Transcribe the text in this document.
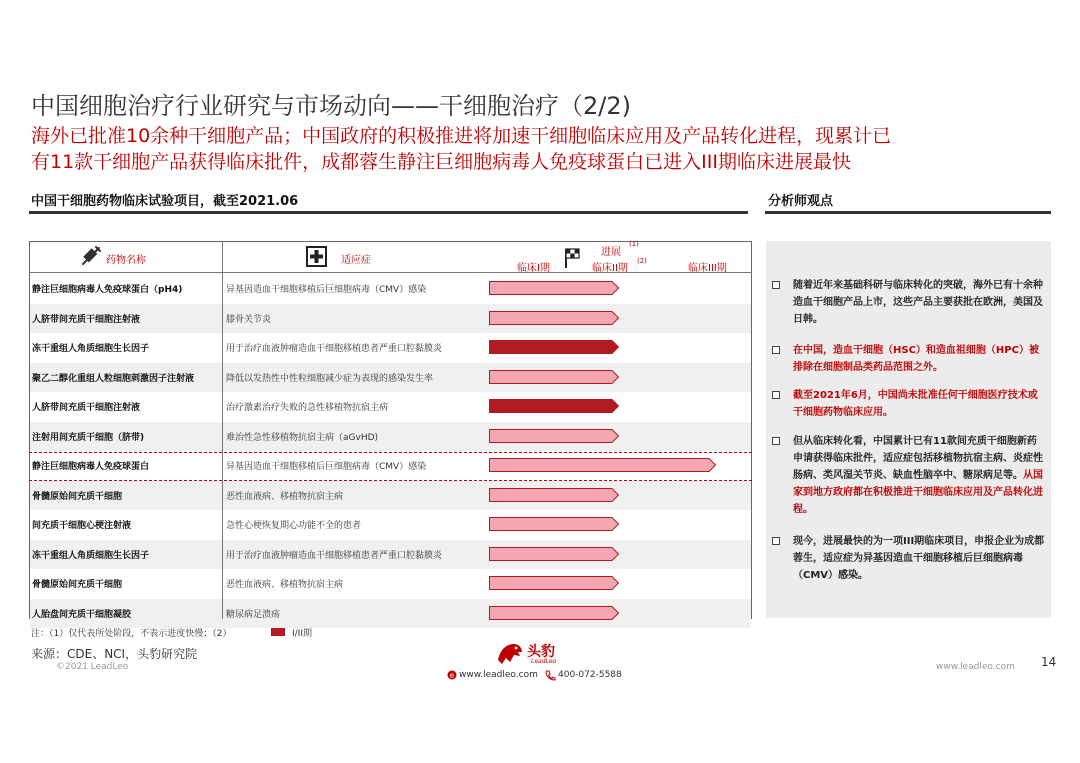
中国细胞治疗行业研究与市场动向——干细胞治疗（2/2)
海外已批准10余种干细胞产品；中国政府的积极推进将加速干细胞临床应用及产品转化进程，现累计已
有11款干细胞产品获得临床批件，成都蓉生静注巨细胞病毒人免疫球蛋白已进入III期临床进展最快
中国干细胞药物临床试验项目，截至2021.06	分析师观点
静注巨细胞病毒人免疫球蛋白（pH4)	异基因造血干细胞移植后巨细胞病毒（CMV）感染
人脐带间充质干细胞注射液	膝骨关节炎
冻干重组人角质细胞生长因子	用于治疗血液肿瘤造血干细胞移植患者严重口腔黏膜炎
聚乙二醇化重组人粒细胞刺激因子注射液	降低以发热性中性粒细胞减少症为表现的感染发生率
人脐带间充质干细胞注射液	治疗激素治疗失败的急性移植物抗宿主病
注射用间充质干细胞（脐带)	难治性急性移植物抗宿主病（aGvHD)
静注巨细胞病毒人免疫球蛋白	异基因造血干细胞移植后巨细胞病毒（CMV）感染
骨髓原始间充质干细胞	恶性血液病、移植物抗宿主病
间充质干细胞心梗注射液	急性心梗恢复期心功能不全的患者
冻干重组人角质细胞生长因子	用于治疗血液肿瘤造血干细胞移植患者严重口腔黏膜炎
骨髓原始间充质干细胞	恶性血液病、移植物抗宿主病
人胎盘间充质干细胞凝胶	糖尿病足溃疡
药物名称	适应症
进展
(1)
临床I期	临床II期
(2)
临床III期
注：（1）仅代表所处阶段，不表示进度快慢；（2）	I/II期
来源：CDE、NCI，头豹研究院
©2021 LeadLeo
头豹
LeadLeo
e www.leadleo.com 400-072-5588
www.leadleo.com 14
随着近年来基础科研与临床转化的突破，海外已有十余种造血干细胞产品上市，这些产品主要获批在欧洲，美国及日韩。
在中国，造血干细胞（HSC）和造血祖细胞（HPC）被排除在细胞制品类药品范围之外。
截至2021年6月，中国尚未批准任何干细胞医疗技术或干细胞药物临床应用。
但从临床转化看，中国累计已有11款间充质干细胞新药申请获得临床批件，适应症包括移植物抗宿主病、炎症性肠病、类风湿关节炎、缺血性脑卒中、糖尿病足等。从国家到地方政府都在积极推进干细胞临床应用及产品转化进程。
现今，进展最快的为一项III期临床项目，申报企业为成都蓉生，适应症为异基因造血干细胞移植后巨细胞病毒（CMV）感染。
